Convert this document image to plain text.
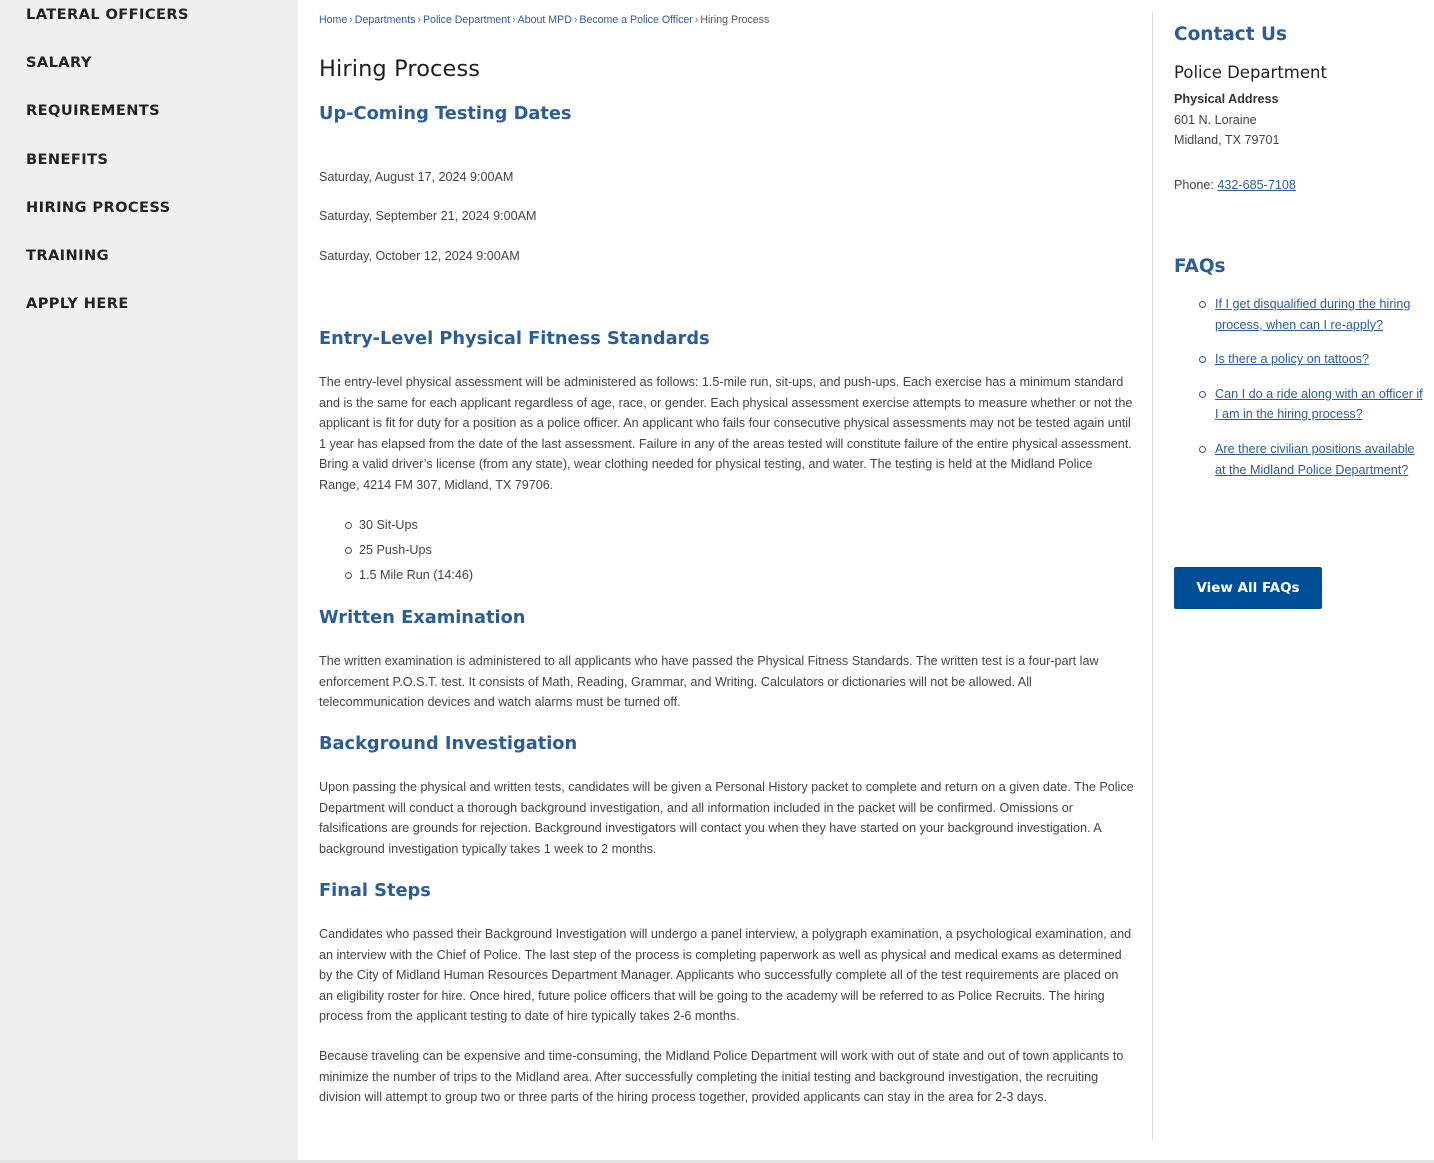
LATERAL OFFICERS
SALARY
REQUIREMENTS
BENEFITS
HIRING PROCESS
TRAINING
APPLY HERE
Home › Departments › Police Department › About MPD › Become a Police Officer › Hiring Process
Hiring Process
Up-Coming Testing Dates

Saturday, August 17, 2024 9:00AM

Saturday, September 21, 2024 9:00AM

Saturday, October 12, 2024 9:00AM

Entry-Level Physical Fitness Standards

The entry-level physical assessment will be administered as follows: 1.5-mile run, sit-ups, and push-ups. Each exercise has a minimum standard and is the same for each applicant regardless of age, race, or gender. Each physical assessment exercise attempts to measure whether or not the applicant is fit for duty for a position as a police officer. An applicant who fails four consecutive physical assessments may not be tested again until 1 year has elapsed from the date of the last assessment. Failure in any of the areas tested will constitute failure of the entire physical assessment. Bring a valid driver’s license (from any state), wear clothing needed for physical testing, and water. The testing is held at the Midland Police Range, 4214 FM 307, Midland, TX 79706.

30 Sit-Ups
25 Push-Ups
1.5 Mile Run (14:46)
Written Examination

The written examination is administered to all applicants who have passed the Physical Fitness Standards. The written test is a four-part law enforcement P.O.S.T. test. It consists of Math, Reading, Grammar, and Writing. Calculators or dictionaries will not be allowed. All telecommunication devices and watch alarms must be turned off.

Background Investigation

Upon passing the physical and written tests, candidates will be given a Personal History packet to complete and return on a given date. The Police Department will conduct a thorough background investigation, and all information included in the packet will be confirmed. Omissions or falsifications are grounds for rejection. Background investigators will contact you when they have started on your background investigation. A background investigation typically takes 1 week to 2 months.

Final Steps

Candidates who passed their Background Investigation will undergo a panel interview, a polygraph examination, a psychological examination, and an interview with the Chief of Police. The last step of the process is completing paperwork as well as physical and medical exams as determined by the City of Midland Human Resources Department Manager. Applicants who successfully complete all of the test requirements are placed on an eligibility roster for hire. Once hired, future police officers that will be going to the academy will be referred to as Police Recruits. The hiring process from the applicant testing to date of hire typically takes 2-6 months.

Because traveling can be expensive and time-consuming, the Midland Police Department will work with out of state and out of town applicants to minimize the number of trips to the Midland area. After successfully completing the initial testing and background investigation, the recruiting division will attempt to group two or three parts of the hiring process together, provided applicants can stay in the area for 2-3 days.

Contact Us
Police Department
Physical Address
601 N. Loraine
Midland, TX 79701
Phone: 432-685-7108
FAQs
If I get disqualified during the hiring process, when can I re-apply?
Is there a policy on tattoos?
Can I do a ride along with an officer if I am in the hiring process?
Are there civilian positions available at the Midland Police Department?
View All FAQs
